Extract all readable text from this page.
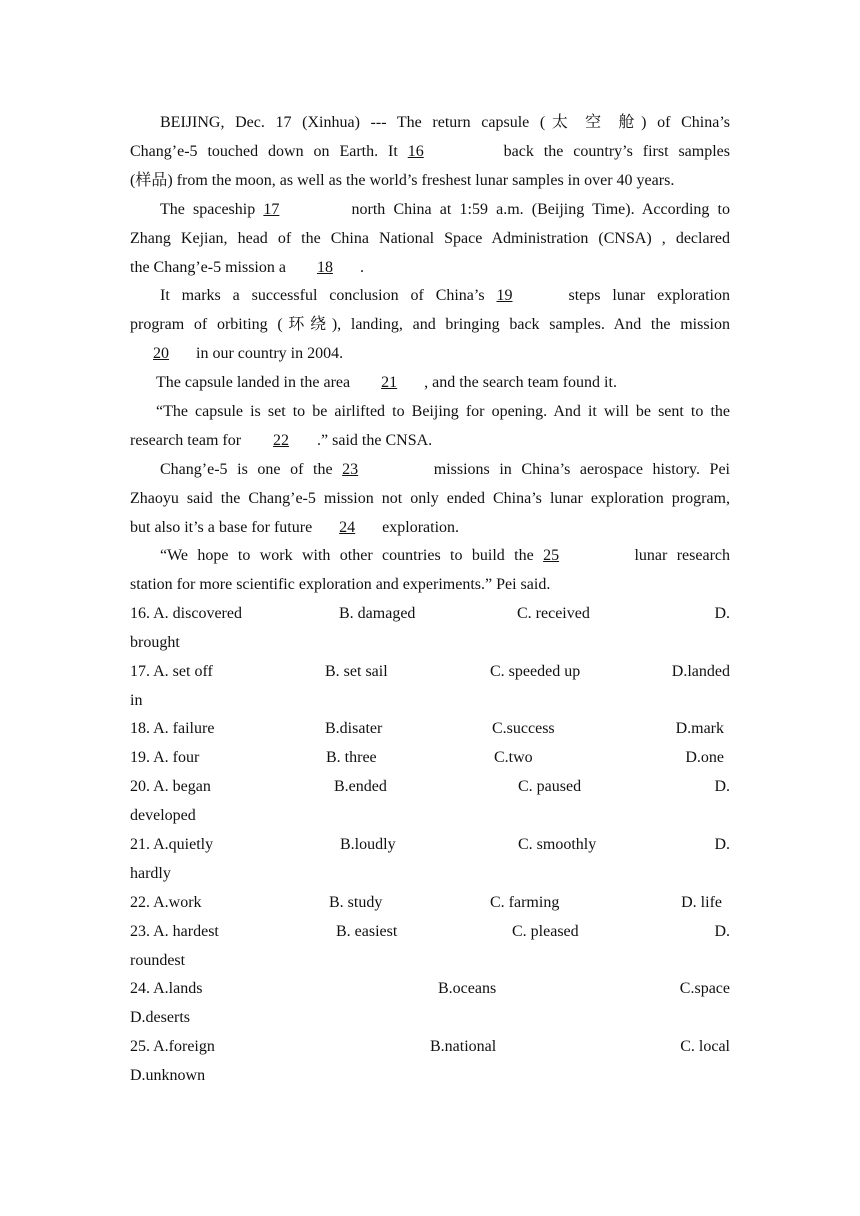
BEIJING, Dec. 17 (Xinhua) --- The return capsule (太 空 舱) of China’s
Chang’e-5 touched down on Earth. It 16	back the country’s first samples
(样品) from the moon, as well as the world’s freshest lunar samples in over 40 years.
The spaceship 17	north China at 1:59 a.m. (Beijing Time). According to
Zhang Kejian, head of the China National Space Administration (CNSA) , declared
the Chang’e-5 mission a 18 .
It marks a successful conclusion of China’s 19	steps lunar exploration
program of orbiting (环绕), landing, and bringing back samples. And the mission
20 in our country in 2004.
The capsule landed in the area 21 , and the search team found it.
“The capsule is set to be airlifted to Beijing for opening. And it will be sent to the
research team for 22 .” said the CNSA.
Chang’e-5 is one of the 23	missions in China’s aerospace history. Pei
Zhaoyu said the Chang’e-5 mission not only ended China’s lunar exploration program,
but also it’s a base for future 24 exploration.
“We hope to work with other countries to build the 25	lunar research
station for more scientific exploration and experiments.” Pei said.
16. A. discovered	B. damaged	C. received	D.
brought
17. A. set off	B. set sail	C. speeded up	D.landed
in
18. A. failure	B.disater	C.success	D.mark
19. A. four	B. three	C.two	D.one
20. A. began	B.ended	C. paused	D.
developed
21. A.quietly	B.loudly	C. smoothly	D.
hardly
22. A.work	B. study	C. farming	D. life
23. A. hardest	B. easiest	C. pleased	D.
roundest
24. A.lands	B.oceans	C.space
D.deserts
25. A.foreign	B.national	C. local
D.unknown
